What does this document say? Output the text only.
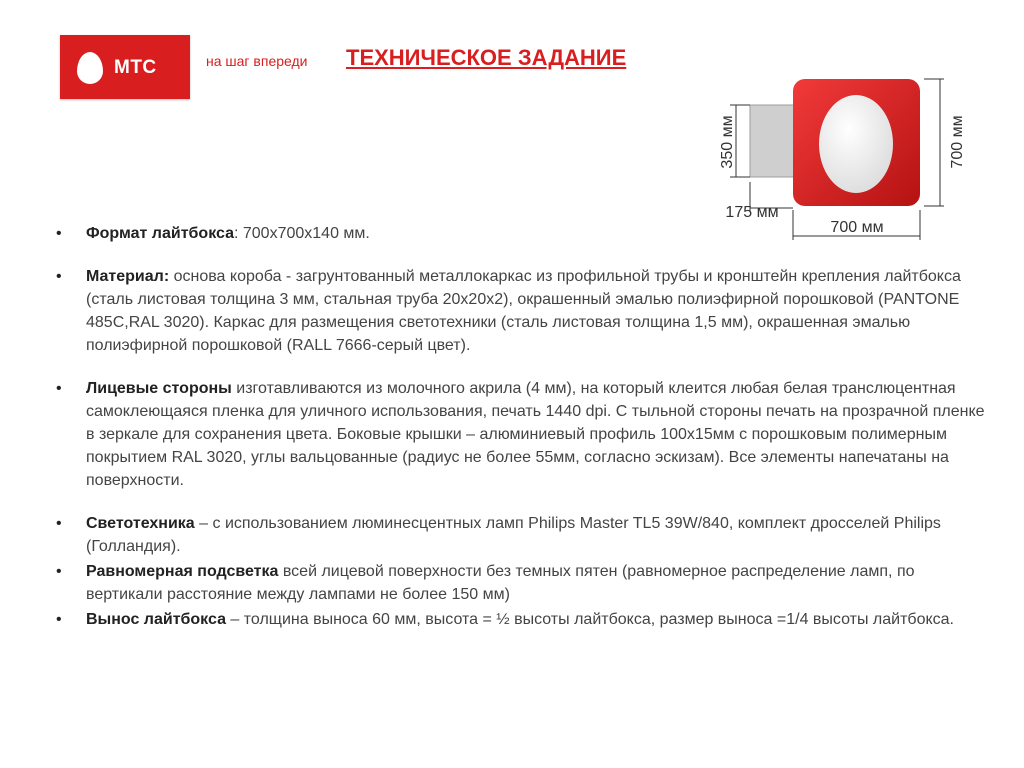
МТС	на шаг впереди ТЕХНИЧЕСКОЕ ЗАДАНИЕ
350 мм
175 мм
700 мм
700 мм
• Формат лайтбокса: 700х700х140 мм.
• Материал: основа короба - загрунтованный металлокаркас из профильной трубы и кронштейн крепления лайтбокса (сталь листовая толщина 3 мм, стальная труба 20х20х2), окрашенный эмалью полиэфирной порошковой (PANTONE 485C,RAL 3020). Каркас для размещения светотехники (сталь листовая толщина 1,5 мм), окрашенная эмалью полиэфирной порошковой (RALL 7666-серый цвет).
• Лицевые стороны изготавливаются из молочного акрила (4 мм), на который клеится любая белая транслюцентная самоклеющаяся пленка для уличного использования, печать 1440 dpi. С тыльной стороны печать на прозрачной пленке в зеркале для сохранения цвета. Боковые крышки – алюминиевый профиль 100х15мм с порошковым полимерным покрытием RAL 3020, углы вальцованные (радиус не более 55мм, согласно эскизам). Все элементы напечатаны на поверхности.
• Светотехника – с использованием люминесцентных ламп Philips Master TL5 39W/840, комплект дросселей Philips (Голландия).
• Равномерная подсветка всей лицевой поверхности без темных пятен (равномерное распределение ламп, по вертикали расстояние между лампами не более 150 мм)
• Вынос лайтбокса – толщина выноса 60 мм, высота = ½ высоты лайтбокса, размер выноса =1/4 высоты лайтбокса.
